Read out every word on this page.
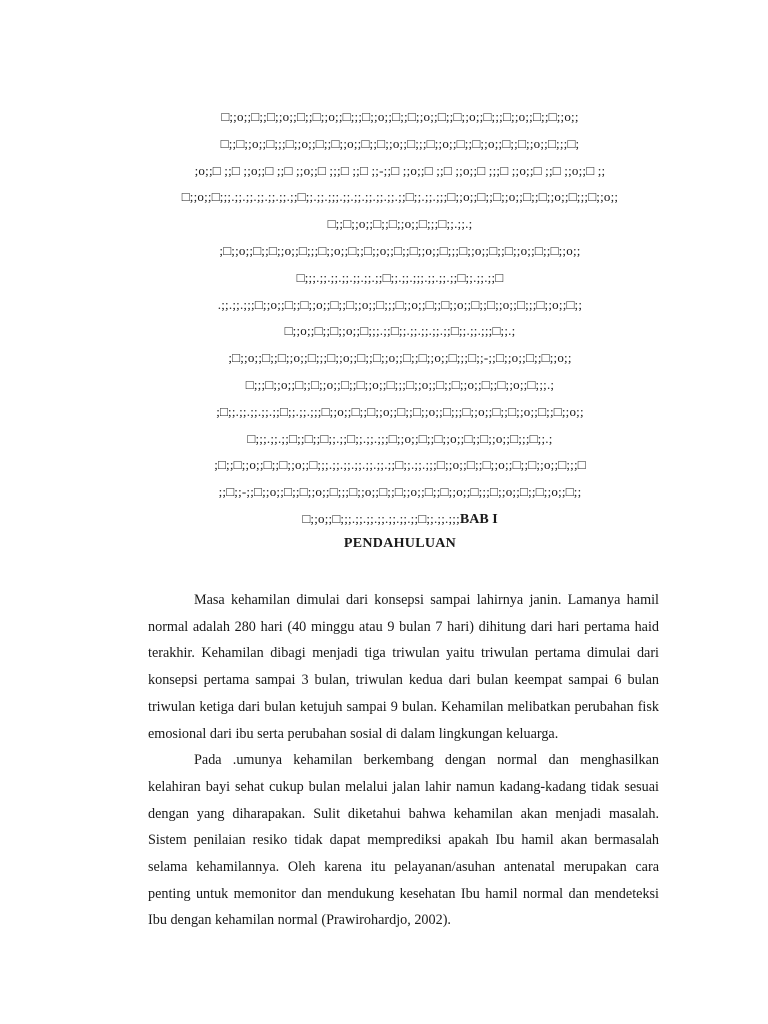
□;;o;;□;;□;;o;;□;;□;;o;;□;;;□;;o;;□;;□;;o;;□;;□;;o;;□;;;□;;o;;□;;□;;o;;
□;;□;;o;;□;;;□;;o;;□;;□;;o;;□;;□;;o;;□;;;□;;o;;□;;□;;o;;□;;□;;o;;□;;;□;
;o;;□ ;;□ ;;o;;□ ;;□ ;;o;;□ ;;;□ ;;□ ;;-;;□ ;;o;;□ ;;□ ;;o;;□ ;;;□ ;;o;;□ ;;□ ;;o;;□ ;;
□;;o;;□;;;.;;.;;.;;.;;.;;.;;□;;.;;.;;;.;;.;;.;;.;;.;;.;;□;;.;;.;;;□;;o;;□;;□;;o;;□;;□;;o;;□;;;□;;o;;
□;;□;;o;;□;;□;;o;;□;;;□;;.;;.;
;□;;o;;□;;□;;o;;□;;;□;;o;;□;;□;;o;;□;;□;;o;;□;;;□;;o;;□;;□;;o;;□;;□;;o;;
□;;;.;;.;;.;;.;;.;;.;;□;;.;;.;;;.;;.;;.;;□;;.;;.;;□
.;;.;;.;;;□;;o;;□;;□;;o;;□;;□;;o;;□;;;□;;o;;□;;□;;o;;□;;□;;o;;□;;;□;;o;;□;;
□;;o;;□;;□;;o;;□;;;.;;□;;.;;.;;.;;.;;□;;.;;.;;;□;;.;
;□;;o;;□;;□;;o;;□;;;□;;o;;□;;□;;o;;□;;□;;o;;□;;;□;;-;;□;;o;;□;;□;;o;;
□;;;□;;o;;□;;□;;o;;□;;□;;o;;□;;;□;;o;;□;;□;;o;;□;;□;;o;;□;;;.;
;□;;.;;.;;.;;.;;□;;.;;.;;;□;;o;;□;;□;;o;;□;;□;;o;;□;;;□;;o;;□;;□;;o;;□;;□;;o;;
□;;;.;;.;;□;;□;;□;;.;;□;;.;;.;;;□;;o;;□;;□;;o;;□;;□;;o;;□;;;□;;.;
;□;;□;;o;;□;;□;;o;;□;;;.;;.;;.;;.;;.;;.;;□;;.;;.;;;□;;o;;□;;□;;o;;□;;□;;o;;□;;;□
;;□;;-;;□;;o;;□;;□;;o;;□;;;□;;o;;□;;□;;o;;□;;□;;o;;□;;;□;;o;;□;;□;;o;;□;;
□;;o;;□;;;.;;.;;.;;.;;.;;.;;□;;.;;.;;;BAB I
PENDAHULUAN

Masa kehamilan dimulai dari konsepsi sampai lahirnya janin. Lamanya hamil normal adalah 280 hari (40 minggu atau 9 bulan 7 hari) dihitung dari hari pertama haid terakhir. Kehamilan dibagi menjadi tiga triwulan yaitu triwulan pertama dimulai dari konsepsi pertama sampai 3 bulan, triwulan kedua dari bulan keempat sampai 6 bulan triwulan ketiga dari bulan ketujuh sampai 9 bulan. Kehamilan melibatkan perubahan fisk emosional dari ibu serta perubahan sosial di dalam lingkungan keluarga.

Pada .umunya kehamilan berkembang dengan normal dan menghasilkan kelahiran bayi sehat cukup bulan melalui jalan lahir namun kadang-kadang tidak sesuai dengan yang diharapakan. Sulit diketahui bahwa kehamilan akan menjadi masalah. Sistem penilaian resiko tidak dapat memprediksi apakah Ibu hamil akan bermasalah selama kehamilannya. Oleh karena itu pelayanan/asuhan antenatal merupakan cara penting untuk memonitor dan mendukung kesehatan Ibu hamil normal dan mendeteksi Ibu dengan kehamilan normal (Prawirohardjo, 2002).
